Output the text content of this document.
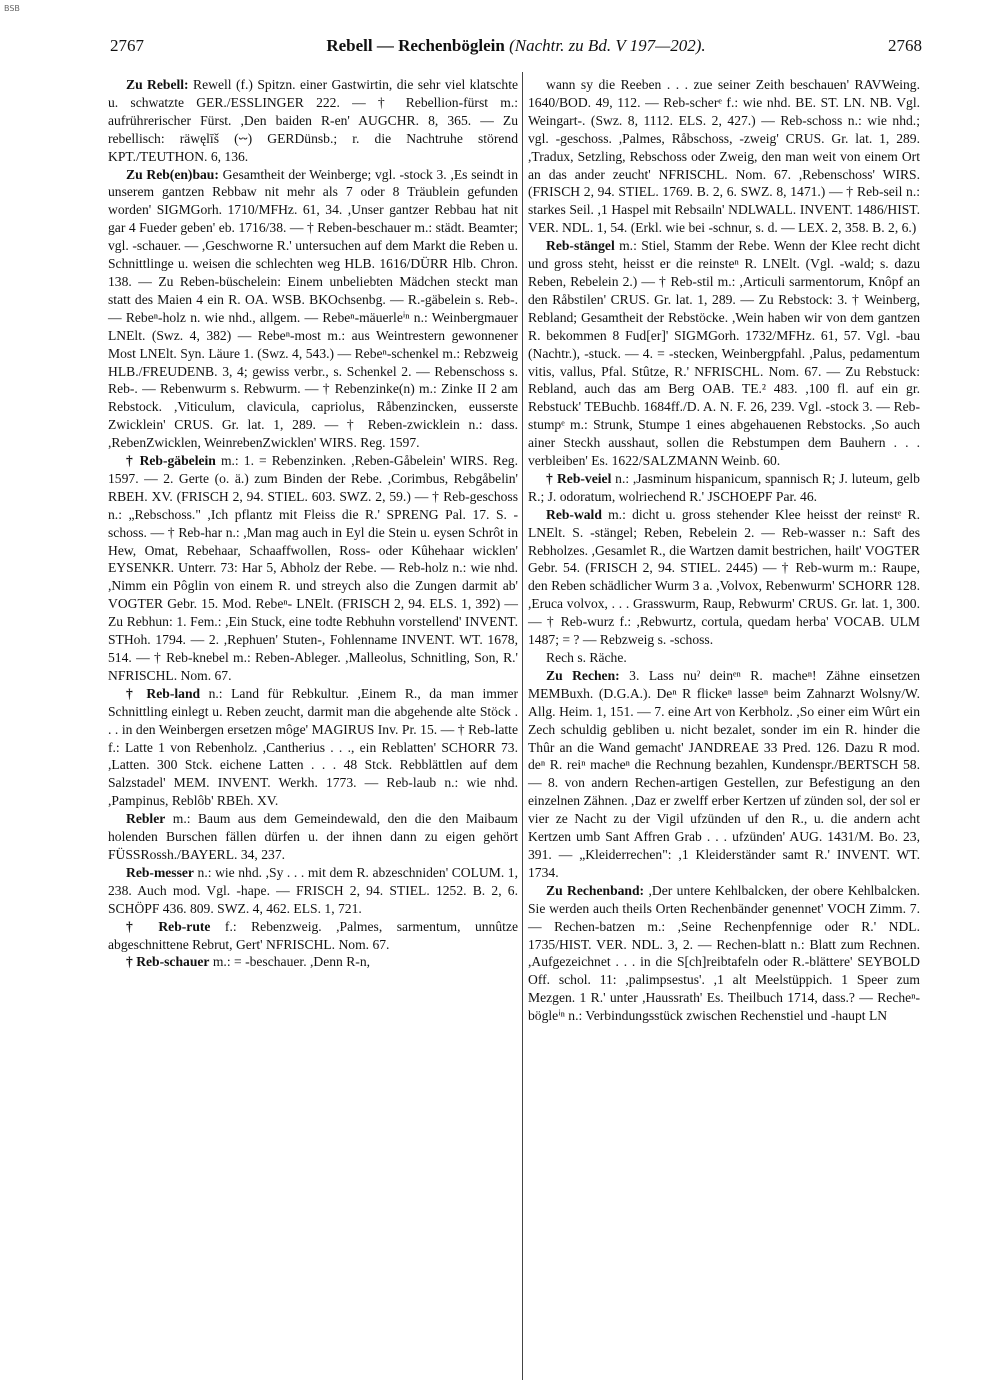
BSB
2767	Rebell — Rechenböglein (Nachtr. zu Bd. V 197—202).	2768

Zu Rebell: Rewell (f.) Spitzn. einer Gastwirtin, die sehr viel klatschte u. schwatzte GER./ESSLINGER 222. — † Rebellion-fürst m.: aufrührerischer Fürst. ,Den baiden R-en' AUGCHR. 8, 365. — Zu rebellisch: räwęlīš (⏑⏑) GERDünsb.; r. die Nachtruhe störend KPT./TEUTHON. 6, 136.

Zu Reb(en)bau: Gesamtheit der Weinberge; vgl. -stock 3. ,Es seindt in unserem gantzen Rebbaw nit mehr als 7 oder 8 Träublein gefunden worden' SIGMGorh. 1710/MFHz. 61, 34. ,Unser gantzer Rebbau hat nit gar 4 Fueder geben' eb. 1716/38. — † Reben-beschauer m.: städt. Beamter; vgl. -schauer. — ,Geschworne R.' untersuchen auf dem Markt die Reben u. Schnittlinge u. weisen die schlechten weg HLB. 1616/DÜRR Hlb. Chron. 138. — Zu Reben-büschelein: Einem unbeliebten Mädchen steckt man statt des Maien 4 ein R. OA. WSB. BKOchsenbg. — R.-gäbelein s. Reb-. — Rebeⁿ-holz n. wie nhd., allgem. — Rebeⁿ-mäuerleⁱⁿ n.: Weinbergmauer LNElt. (Swz. 4, 382) — Rebeⁿ-most m.: aus Weintrestern gewonnener Most LNElt. Syn. Läure 1. (Swz. 4, 543.) — Rebeⁿ-schenkel m.: Rebzweig HLB./FREUDENB. 3, 4; gewiss verbr., s. Schenkel 2. — Rebenschoss s. Reb-. — Rebenwurm s. Rebwurm. — † Rebenzinke(n) m.: Zinke II 2 am Rebstock. ,Viticulum, clavicula, capriolus, Råbenzincken, eusserste Zwicklein' CRUS. Gr. lat. 1, 289. — † Reben-zwicklein n.: dass. ,RebenZwicklen, WeinrebenZwicklen' WIRS. Reg. 1597.

† Reb-gäbelein m.: 1. = Rebenzinken. ,Reben-Gåbelein' WIRS. Reg. 1597. — 2. Gerte (o. ä.) zum Binden der Rebe. ,Corimbus, Rebgåbelin' RBEH. XV. (FRISCH 2, 94. STIEL. 603. SWZ. 2, 59.) — † Reb-geschoss n.: „Rebschoss." ,Ich pflantz mit Fleiss die R.' SPRENG Pal. 17. S. -schoss. — † Reb-har n.: ,Man mag auch in Eyl die Stein u. eysen Schrôt in Hew, Omat, Rebehaar, Schaaffwollen, Ross- oder Kûhehaar wicklen' EYSENKR. Unterr. 73: Har 5, Abholz der Rebe. — Reb-holz n.: wie nhd. ,Nimm ein Pôglin von einem R. und streych also die Zungen darmit ab' VOGTER Gebr. 15. Mod. Rebeⁿ- LNElt. (FRISCH 2, 94. ELS. 1, 392) — Zu Rebhun: 1. Fem.: ,Ein Stuck, eine todte Rebhuhn vorstellend' INVENT. STHoh. 1794. — 2. ,Rephuen' Stuten-, Fohlenname INVENT. WT. 1678, 514. — † Reb-knebel m.: Reben-Ableger. ,Malleolus, Schnitling, Son, R.' NFRISCHL. Nom. 67.

† Reb-land n.: Land für Rebkultur. ,Einem R., da man immer Schnittling einlegt u. Reben zeucht, darmit man die abgehende alte Stöck . . . in den Weinbergen ersetzen môge' MAGIRUS Inv. Pr. 15. — † Reb-latte f.: Latte 1 von Rebenholz. ,Cantherius . . ., ein Reblatten' SCHORR 73. ,Latten. 300 Stck. eichene Latten . . . 48 Stck. Rebblättlen auf dem Salzstadel' MEM. INVENT. Werkh. 1773. — Reb-laub n.: wie nhd. ,Pampinus, Reblôb' RBEh. XV.

Rebler m.: Baum aus dem Gemeindewald, den die den Maibaum holenden Burschen fällen dürfen u. der ihnen dann zu eigen gehört FÜSSRossh./BAYERL. 34, 237.

Reb-messer n.: wie nhd. ,Sy . . . mit dem R. abzeschniden' COLUM. 1, 238. Auch mod. Vgl. -hape. — FRISCH 2, 94. STIEL. 1252. B. 2, 6. SCHÖPF 436. 809. SWZ. 4, 462. ELS. 1, 721.

† Reb-rute f.: Rebenzweig. ,Palmes, sarmentum, unnûtze abgeschnittene Rebrut, Gert' NFRISCHL. Nom. 67.

† Reb-schauer m.: = -beschauer. ,Denn R-n,

wann sy die Reeben . . . zue seiner Zeith beschauen' RAVWeing. 1640/BOD. 49, 112. — Reb-scherᵉ f.: wie nhd. BE. ST. LN. NB. Vgl. Weingart-. (Swz. 8, 1112. ELS. 2, 427.) — Reb-schoss n.: wie nhd.; vgl. -geschoss. ,Palmes, Råbschoss, -zweig' CRUS. Gr. lat. 1, 289. ,Tradux, Setzling, Rebschoss oder Zweig, den man weit von einem Ort an das ander zeucht' NFRISCHL. Nom. 67. ,Rebenschoss' WIRS. (FRISCH 2, 94. STIEL. 1769. B. 2, 6. SWZ. 8, 1471.) — † Reb-seil n.: starkes Seil. ,1 Haspel mit Rebsailn' NDLWALL. INVENT. 1486/HIST. VER. NDL. 1, 54. (Erkl. wie bei -schnur, s. d. — LEX. 2, 358. B. 2, 6.)

Reb-stängel m.: Stiel, Stamm der Rebe. Wenn der Klee recht dicht und gross steht, heisst er die reinsteⁿ R. LNElt. (Vgl. -wald; s. dazu Reben, Rebelein 2.) — † Reb-stil m.: ,Articuli sarmentorum, Knôpf an den Råbstilen' CRUS. Gr. lat. 1, 289. — Zu Rebstock: 3. † Weinberg, Rebland; Gesamtheit der Rebstöcke. ,Wein haben wir von dem gantzen R. bekommen 8 Fud[er]' SIGMGorh. 1732/MFHz. 61, 57. Vgl. -bau (Nachtr.), -stuck. — 4. = -stecken, Weinbergpfahl. ,Palus, pedamentum vitis, vallus, Pfal. Stûtze, R.' NFRISCHL. Nom. 67. — Zu Rebstuck: Rebland, auch das am Berg OAB. TE.² 483. ,100 fl. auf ein gr. Rebstuck' TEBuchb. 1684ff./D. A. N. F. 26, 239. Vgl. -stock 3. — Reb-stumpᵉ m.: Strunk, Stumpe 1 eines abgehauenen Rebstocks. ,So auch ainer Steckh ausshaut, sollen die Rebstumpen dem Bauhern . . . verbleiben' Es. 1622/SALZMANN Weinb. 60.

† Reb-veiel n.: ,Jasminum hispanicum, spannisch R; J. luteum, gelb R.; J. odoratum, wolriechend R.' JSCHOEPF Par. 46.

Reb-wald m.: dicht u. gross stehender Klee heisst der reinstᵉ R. LNElt. S. -stängel; Reben, Rebelein 2. — Reb-wasser n.: Saft des Rebholzes. ,Gesamlet R., die Wartzen damit bestrichen, hailt' VOGTER Gebr. 54. (FRISCH 2, 94. STIEL. 2445) — † Reb-wurm m.: Raupe, den Reben schädlicher Wurm 3 a. ,Volvox, Rebenwurm' SCHORR 128. ,Eruca volvox, . . . Grasswurm, Raup, Rebwurm' CRUS. Gr. lat. 1, 300. — † Reb-wurz f.: ,Rebwurtz, cortula, quedam herba' VOCAB. ULM 1487; = ? — Rebzweig s. -schoss.

Rech s. Räche.

Zu Rechen: 3. Lass nuˀ deinᵉⁿ R. macheⁿ! Zähne einsetzen MEMBuxh. (D.G.A.). Deⁿ R flickeⁿ lasseⁿ beim Zahnarzt Wolsny/W. Allg. Heim. 1, 151. — 7. eine Art von Kerbholz. ,So einer eim Wûrt ein Zech schuldig gebliben u. nicht bezalet, sonder im ein R. hinder die Thûr an die Wand gemacht' JANDREAE 33 Pred. 126. Dazu R mod. deⁿ R. reiⁿ macheⁿ die Rechnung bezahlen, Kundenspr./BERTSCH 58. — 8. von andern Rechen-artigen Gestellen, zur Befestigung an den einzelnen Zähnen. ,Daz er zwelff erber Kertzen uf zünden sol, der sol er vier ze Nacht zu der Vigil ufzünden uf den R., u. die andern acht Kertzen umb Sant Affren Grab . . . ufzünden' AUG. 1431/M. Bo. 23, 391. — „Kleiderrechen": ,1 Kleiderständer samt R.' INVENT. WT. 1734.

Zu Rechenband: ,Der untere Kehlbalcken, der obere Kehlbalcken. Sie werden auch theils Orten Rechenbänder genennet' VOCH Zimm. 7. — Rechen-batzen m.: ,Seine Rechenpfennige oder R.' NDL. 1735/HIST. VER. NDL. 3, 2. — Rechen-blatt n.: Blatt zum Rechnen. ,Aufgezeichnet . . . in die S[ch]reibtafeln oder R.-blättere' SEYBOLD Off. schol. 11: ,palimpsestus'. ,1 alt Meelstüppich. 1 Speer zum Mezgen. 1 R.' unter ,Haussrath' Es. Theilbuch 1714, dass.? — Recheⁿ-bögleⁱⁿ n.: Verbindungsstück zwischen Rechenstiel und -haupt LN
